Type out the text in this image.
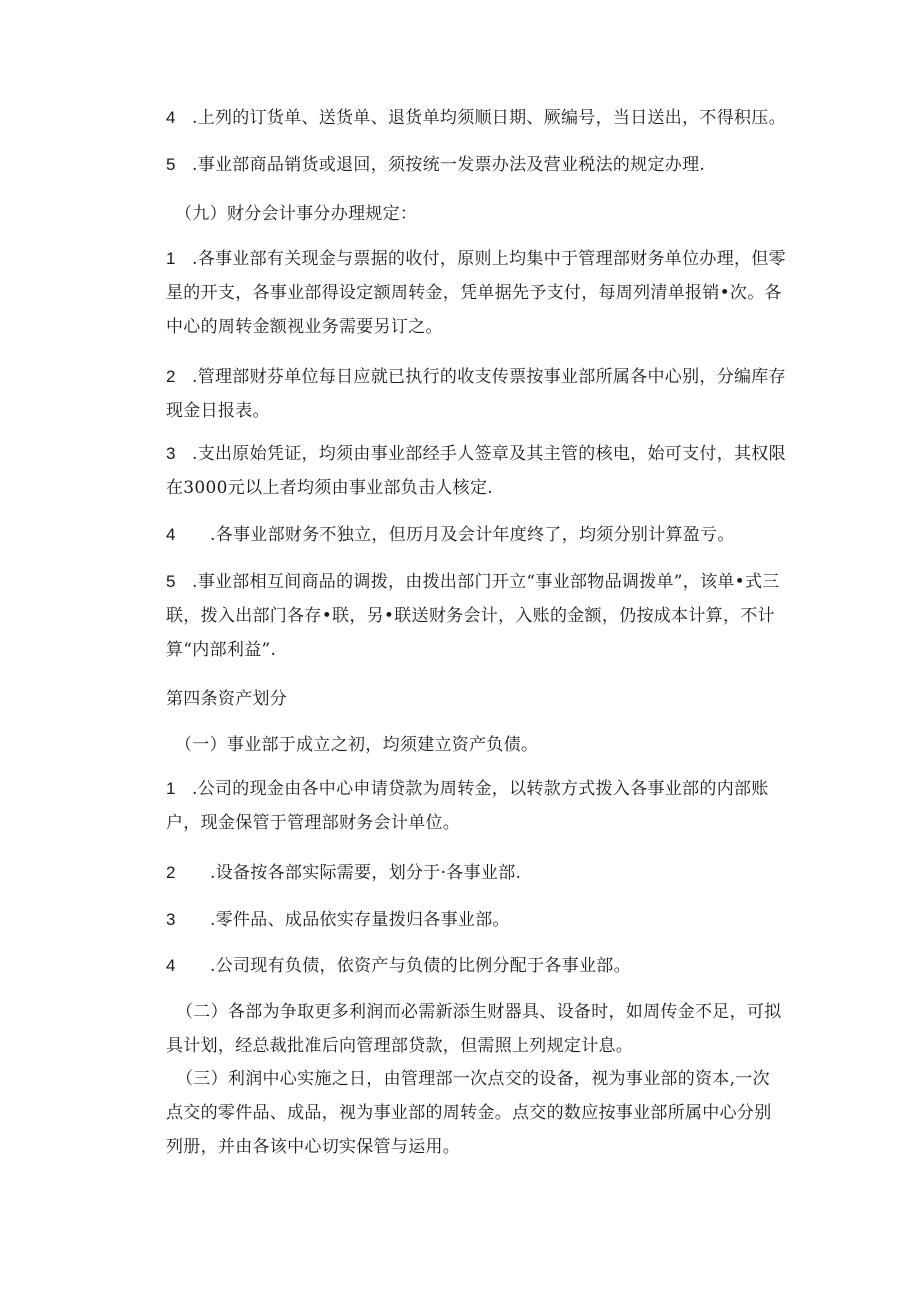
4 .上列的订货单、送货单、退货单均须顺日期、厥编号，当日送出，不得积压。

5 .事业部商品销货或退回，须按统一发票办法及营业税法的规定办理.

（九）财分会计事分办理规定：

1 .各事业部有关现金与票据的收付，原则上均集中于管理部财务单位办理，但零星的开支，各事业部得设定额周转金，凭单据先予支付，每周列清单报销•次。各中心的周转金额视业务需要另订之。

2 .管理部财芬单位每日应就已执行的收支传票按事业部所属各中心别，分编库存现金日报表。

3 .支出原始凭证，均须由事业部经手人签章及其主管的核电，始可支付，其权限在3000元以上者均须由事业部负击人核定.

4 .各事业部财务不独立，但历月及会计年度终了，均须分别计算盈亏。

5 .事业部相互间商品的调拨，由拨出部门开立“事业部物品调拨单”，该单•式三联，拨入出部门各存•联，另•联送财务会计，入账的金额，仍按成本计算，不计算“内部利益”.

第四条资产划分

（一）事业部于成立之初，均须建立资产负债。

1 .公司的现金由各中心申请贷款为周转金，以转款方式拨入各事业部的内部账户，现金保管于管理部财务会计单位。

2 .设备按各部实际需要，划分于·各事业部.

3 .零件品、成品依实存量拨归各事业部。

4 .公司现有负债，依资产与负债的比例分配于各事业部。

（二）各部为争取更多利润而必需新添生财器具、设备时，如周传金不足，可拟具计划，经总裁批准后向管理部贷款，但需照上列规定计息。

（三）利润中心实施之日，由管理部一次点交的设备，视为事业部的资本,一次点交的零件品、成品，视为事业部的周转金。点交的数应按事业部所属中心分别列册，并由各该中心切实保管与运用。
